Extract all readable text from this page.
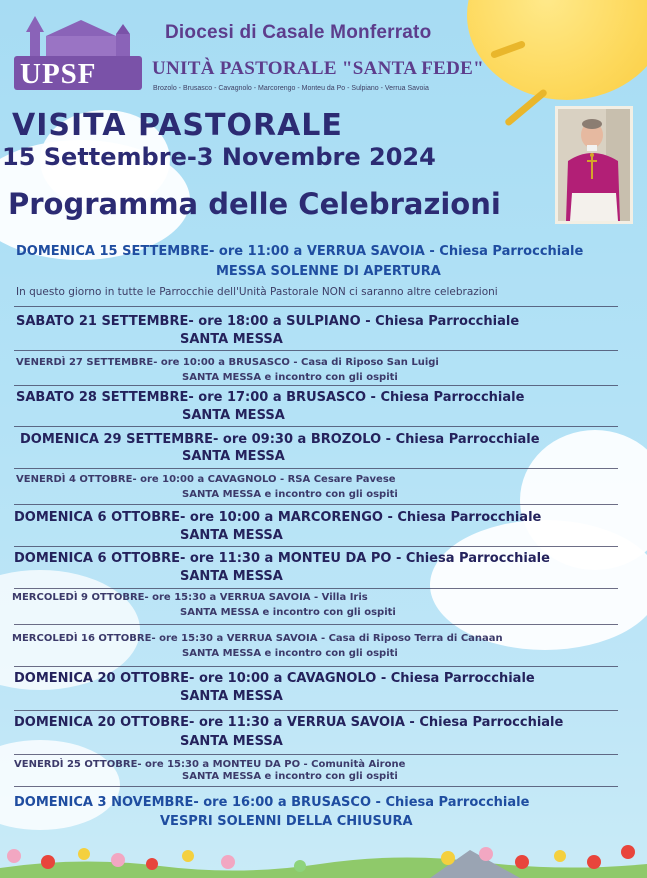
UPSF
Diocesi di Casale Monferrato
UNITÀ PASTORALE "SANTA FEDE"
Brozolo - Brusasco - Cavagnolo - Marcorengo - Monteu da Po - Sulpiano - Verrua Savoia
VISITA PASTORALE
15 Settembre-3 Novembre 2024
Programma delle Celebrazioni
DOMENICA 15 SETTEMBRE- ore 11:00 a VERRUA SAVOIA - Chiesa Parrocchiale
MESSA SOLENNE DI APERTURA
In questo giorno in tutte le Parrocchie dell'Unità Pastorale NON ci saranno altre celebrazioni
SABATO 21 SETTEMBRE- ore 18:00 a SULPIANO - Chiesa Parrocchiale
SANTA MESSA
VENERDÌ 27 SETTEMBRE- ore 10:00 a BRUSASCO - Casa di Riposo San Luigi
SANTA MESSA e incontro con gli ospiti
SABATO 28 SETTEMBRE- ore 17:00 a BRUSASCO - Chiesa Parrocchiale
SANTA MESSA
DOMENICA 29 SETTEMBRE- ore 09:30 a BROZOLO - Chiesa Parrocchiale
SANTA MESSA
VENERDÌ 4 OTTOBRE- ore 10:00 a CAVAGNOLO - RSA Cesare Pavese
SANTA MESSA e incontro con gli ospiti
DOMENICA 6 OTTOBRE- ore 10:00 a MARCORENGO - Chiesa Parrocchiale
SANTA MESSA
DOMENICA 6 OTTOBRE- ore 11:30 a MONTEU DA PO - Chiesa Parrocchiale
SANTA MESSA
MERCOLEDÌ 9 OTTOBRE- ore 15:30 a VERRUA SAVOIA - Villa Iris
SANTA MESSA e incontro con gli ospiti
MERCOLEDÌ 16 OTTOBRE- ore 15:30 a VERRUA SAVOIA - Casa di Riposo Terra di Canaan
SANTA MESSA e incontro con gli ospiti
DOMENICA 20 OTTOBRE- ore 10:00 a CAVAGNOLO - Chiesa Parrocchiale
SANTA MESSA
DOMENICA 20 OTTOBRE- ore 11:30 a VERRUA SAVOIA - Chiesa Parrocchiale
SANTA MESSA
VENERDÌ 25 OTTOBRE- ore 15:30 a MONTEU DA PO - Comunità Airone
SANTA MESSA e incontro con gli ospiti
DOMENICA 3 NOVEMBRE- ore 16:00 a BRUSASCO - Chiesa Parrocchiale
VESPRI SOLENNI DELLA CHIUSURA
